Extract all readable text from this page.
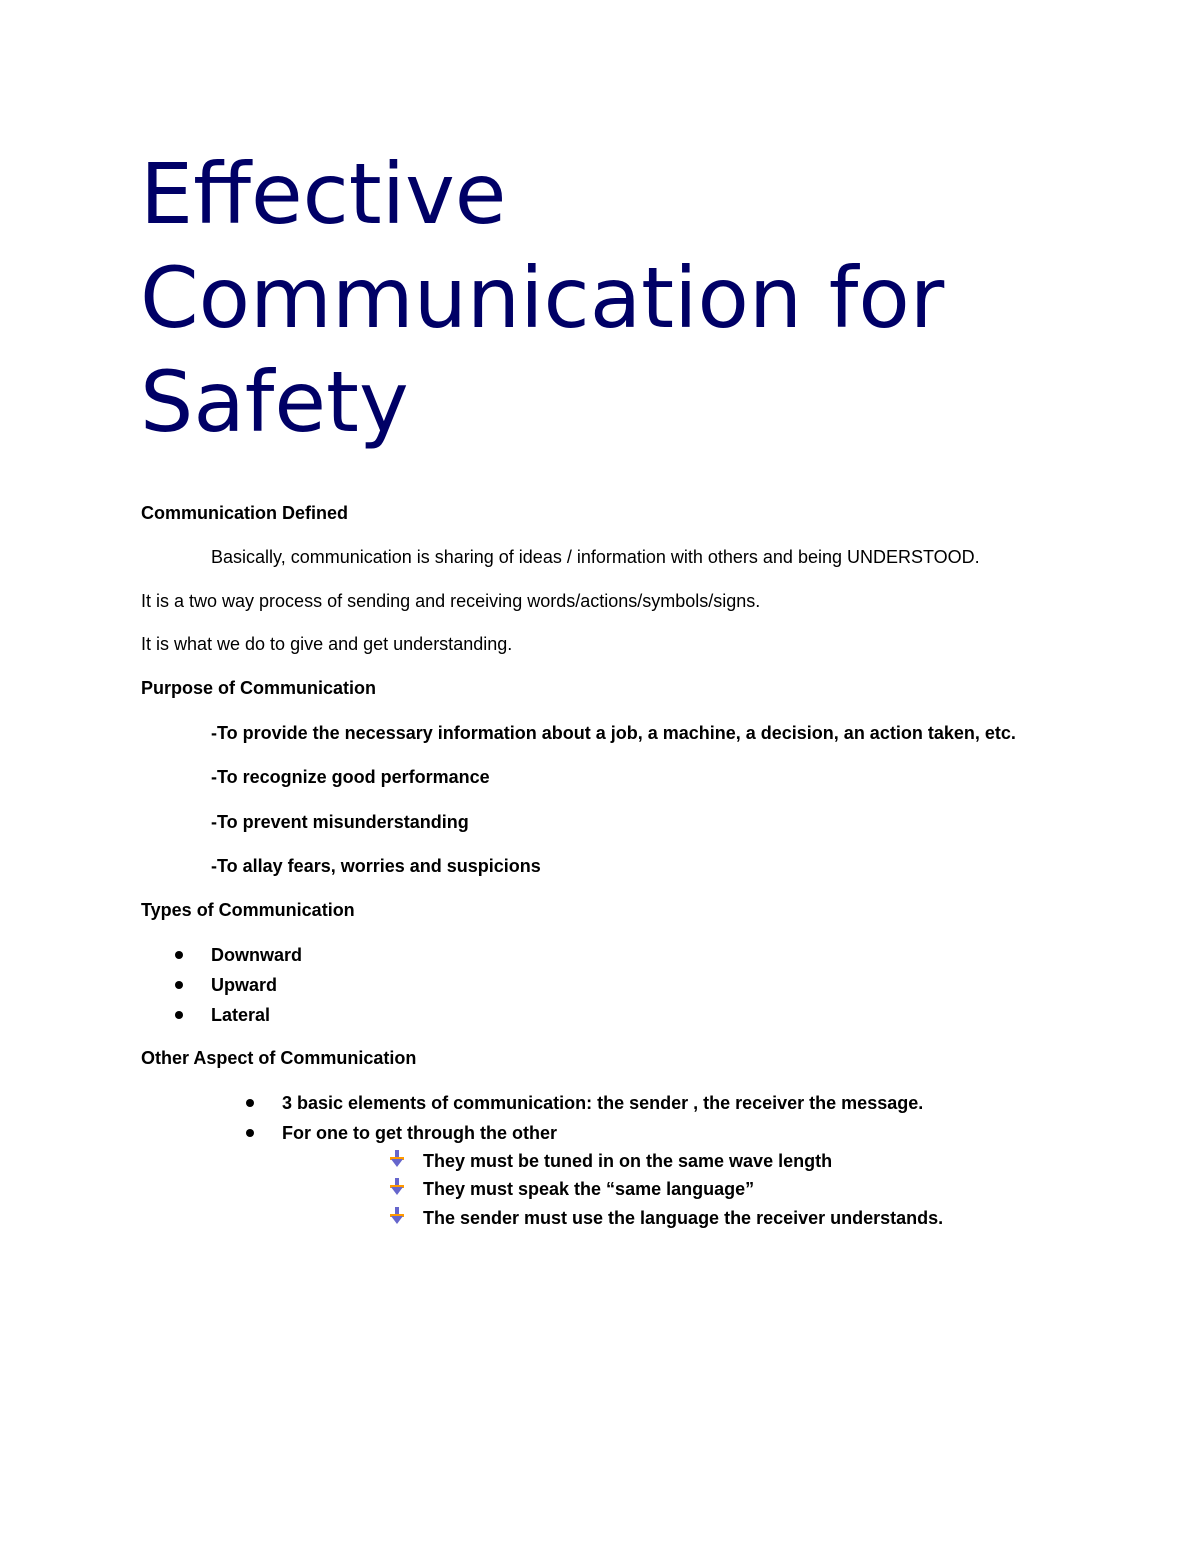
Effective
Communication for
Safety

Communication Defined

Basically, communication is sharing of ideas / information with others and being UNDERSTOOD.

It is a two way process of sending and receiving words/actions/symbols/signs.

It is what we do to give and get understanding.

Purpose of Communication

-To provide the necessary information about a job, a machine, a decision, an action taken, etc.

-To recognize good performance

-To prevent misunderstanding

-To allay fears, worries and suspicions

Types of Communication

Downward

Upward

Lateral

Other Aspect of Communication

3 basic elements of communication: the sender , the receiver the message.

For one to get through the other

They must be tuned in on the same wave length

They must speak the “same language”

The sender must use the language the receiver understands.
